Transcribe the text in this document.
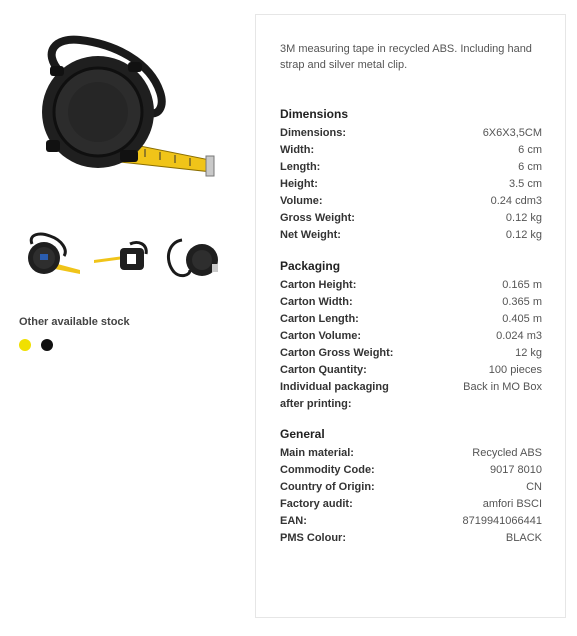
Other available stock
3M measuring tape in recycled ABS. Including hand strap and silver metal clip.
Dimensions
Dimensions:	6X6X3,5CM
Width:	6 cm
Length:	6 cm
Height:	3.5 cm
Volume:	0.24 cdm3
Gross Weight:	0.12 kg
Net Weight:	0.12 kg
Packaging
Carton Height:	0.165 m
Carton Width:	0.365 m
Carton Length:	0.405 m
Carton Volume:	0.024 m3
Carton Gross Weight:	12 kg
Carton Quantity:	100 pieces
Individual packaging after printing:
Back in MO Box
General
Main material:	Recycled ABS
Commodity Code:	9017 8010
Country of Origin:	CN
Factory audit:	amfori BSCI
EAN:	8719941066441
PMS Colour:	BLACK
